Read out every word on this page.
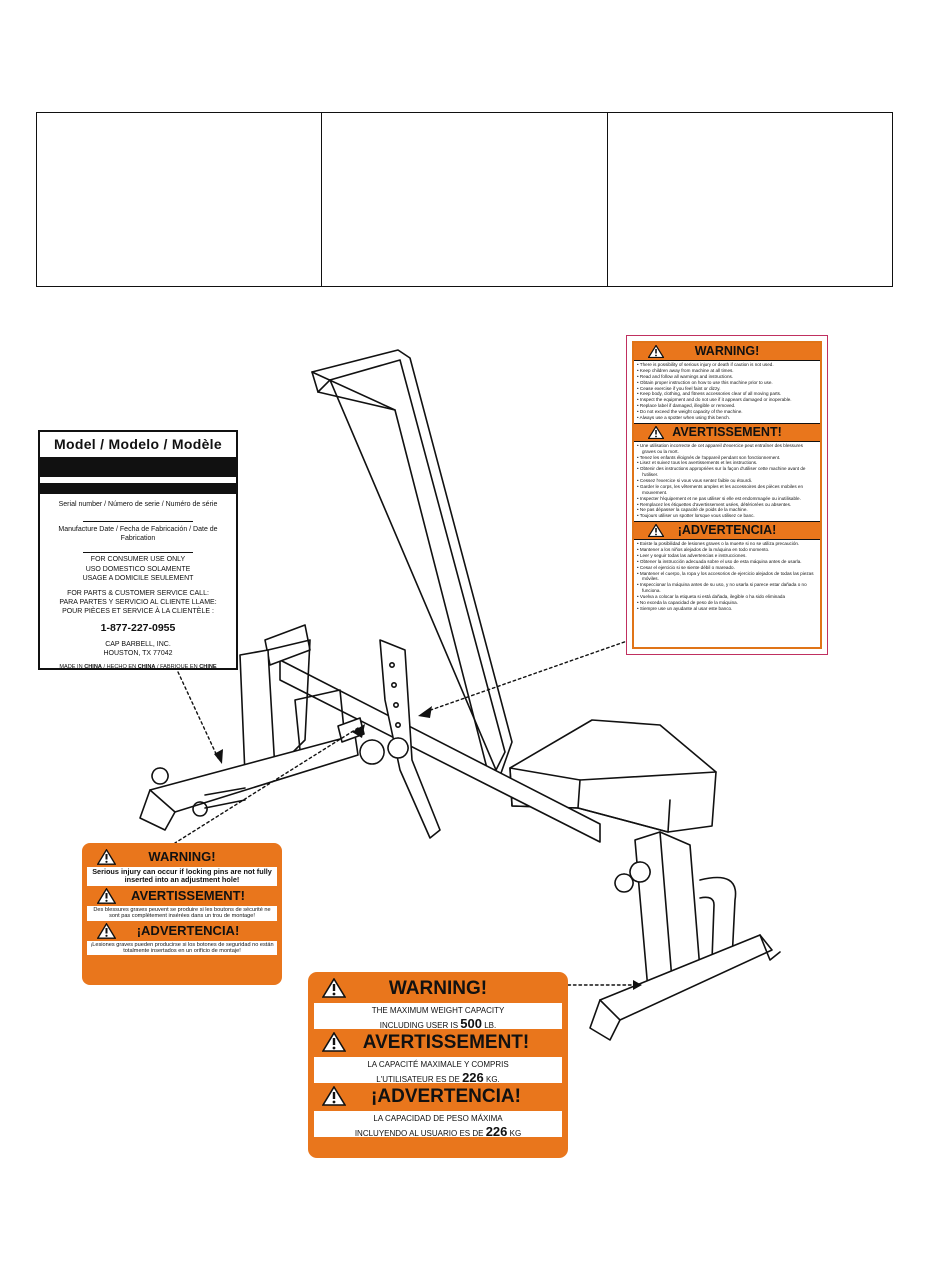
Model / Modelo / Modèle
Serial number / Número de serie / Numéro de série
Manufacture Date / Fecha de Fabricación / Date de
Fabrication
FOR CONSUMER USE ONLY
USO DOMESTICO SOLAMENTE
USAGE A DOMICILE SEULEMENT
FOR PARTS & CUSTOMER SERVICE CALL:
PARA PARTES Y SERVICIO AL CLIENTE LLAME:
POUR PIÈCES ET SERVICE À LA CLIENTÈLE :
1-877-227-0955
CAP BARBELL, INC.
HOUSTON, TX 77042
MADE IN CHINA / HECHO EN CHINA / FABRIQUE EN CHINE
WARNING!
• There is possibility of serious injury or death if caution is not used.
• Keep children away from machine at all times.
• Read and follow all warnings and instructions.
• Obtain proper instruction on how to use this machine prior to use.
• Cease exercise if you feel faint or dizzy.
• Keep body, clothing, and fitness accessories clear of all moving parts.
• Inspect the equipment and do not use if it appears damaged or inoperable.
• Replace label if damaged, illegible or removed.
• Do not exceed the weight capacity of the machine.
• Always use a spotter when using this bench.
AVERTISSEMENT!
• Une utilisation incorrecte de cet appareil d'exercice peut entraîner des blessures graves ou la mort.
• Tenez les enfants éloignés de l'appareil pendant son fonctionnement.
• Lisez et suivez tous les avertissements et les instructions.
• Obtenir des instructions appropriées sur la façon d'utiliser cette machine avant de l'utiliser.
• Cessez l'exercice si vous vous sentez faible ou étourdi.
• Garder le corps, les vêtements amples et les accessoires des pièces mobiles en mouvement.
• Inspecter l'équipement et ne pas utiliser si elle est endommagée ou inutilisable.
• Remplacez les étiquettes d'avertissement usées, détériorées ou absentes.
• Ne pas dépasser la capacité de poids de la machine.
• Toujours utiliser un spotter lorsque vous utilisez ce banc.
¡ADVERTENCIA!
• Existe la posibilidad de lesiones graves o la muerte si no se utiliza precaución.
• Mantener a los niños alejados de la máquina en todo momento.
• Leer y seguir todas las advertencias e instrucciones.
• Obtener la instrucción adecuada sobre el uso de esta máquina antes de usarla.
• Cesar el ejercicio si se siente débil o mareado.
• Mantener el cuerpo, la ropa y los accesorios de ejercicio alejados de todas las piezas móviles.
• Inspeccionar la máquina antes de su uso, y no usarla si parece estar dañada o no funciona.
• Vuelva a colocar la etiqueta si está dañada, ilegible o ha sido eliminada
• No exceda la capacidad de peso de la máquina.
• Siempre use un ayudante al usar este banco.
WARNING!
Serious injury can occur if locking pins are not fully inserted into an adjustment hole!
AVERTISSEMENT!
Des blessures graves peuvent se produire si les boutons de sécurité ne sont pas complètement insérées dans un trou de montage!
¡ADVERTENCIA!
¡Lesiones graves pueden producirse si los botones de seguridad no están totalmente insertados en un orificio de montaje!
WARNING!
THE MAXIMUM WEIGHT CAPACITY
INCLUDING USER IS 500 LB.
AVERTISSEMENT!
LA CAPACITÉ MAXIMALE Y COMPRIS
L'UTILISATEUR ES DE 226 KG.
¡ADVERTENCIA!
LA CAPACIDAD DE PESO MÁXIMA
INCLUYENDO AL USUARIO ES DE 226 KG
